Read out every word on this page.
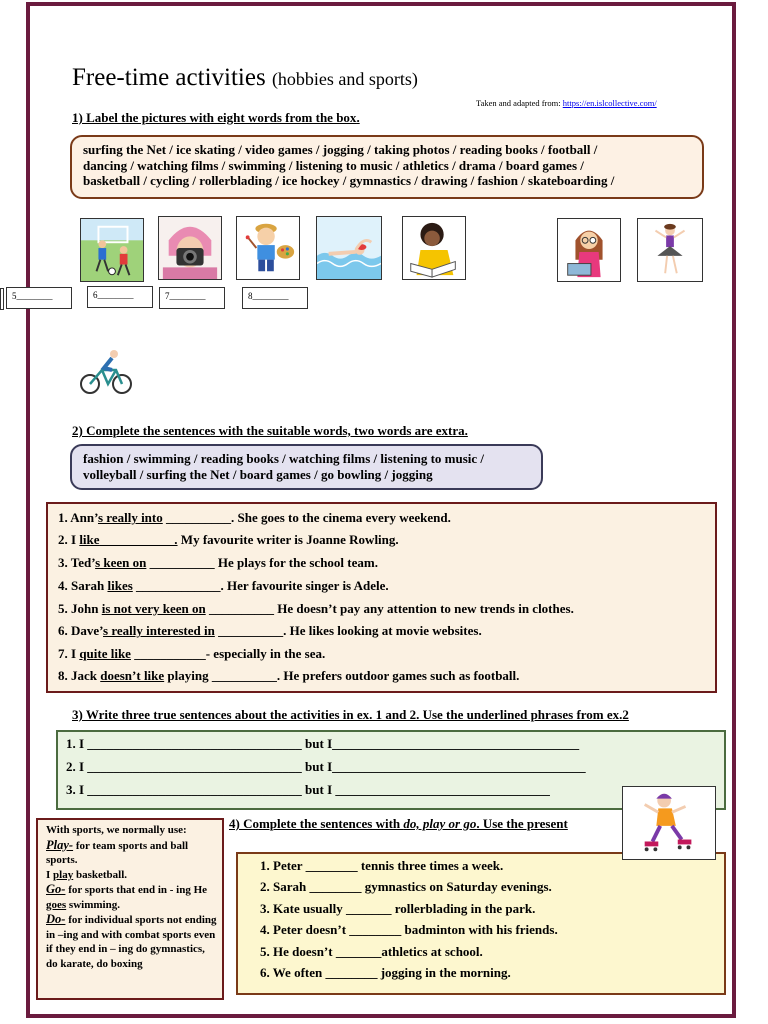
Free-time activities (hobbies and sports)
Taken and adapted from: https://en.islcollective.com/
1) Label the pictures with eight words from the box.
surfing the Net / ice skating / video games / jogging / taking photos / reading books / football /
dancing / watching films / swimming / listening to music / athletics / drama / board games /
basketball / cycling / rollerblading / ice hockey / gymnastics / drawing / fashion / skateboarding /
5________	6________	7________	8________
2) Complete the sentences with the suitable words, two words are extra.
fashion / swimming / reading books / watching films / listening to music /
volleyball / surfing the Net / board games / go bowling / jogging
1. Ann’s really into __________. She goes to the cinema every weekend.
2. I like ___________. My favourite writer is Joanne Rowling.
3. Ted’s keen on __________ He plays for the school team.
4. Sarah likes _____________. Her favourite singer is Adele.
5. John is not very keen on __________ He doesn’t pay any attention to new trends in clothes.
6. Dave’s really interested in __________. He likes looking at movie websites.
7. I quite like ___________- especially in the sea.
8. Jack doesn’t like playing __________. He prefers outdoor games such as football.
3) Write three true sentences about the activities in ex. 1 and 2. Use the underlined phrases from ex.2
1. I _________________________________ but I______________________________________
2. I _________________________________ but I_______________________________________
3. I _________________________________ but I _________________________________
With sports, we normally use:
Play- for team sports and ball sports.
I play basketball.
Go- for sports that end in - ing He goes swimming.
Do- for individual sports not ending in –ing and with combat sports even if they end in – ing do gymnastics, do karate, do boxing
4) Complete the sentences with do, play or go. Use the present
1. Peter ________ tennis three times a week.
2. Sarah ________ gymnastics on Saturday evenings.
3. Kate usually _______ rollerblading in the park.
4. Peter doesn’t ________ badminton with his friends.
5. He doesn’t _______athletics at school.
6. We often ________ jogging in the morning.
